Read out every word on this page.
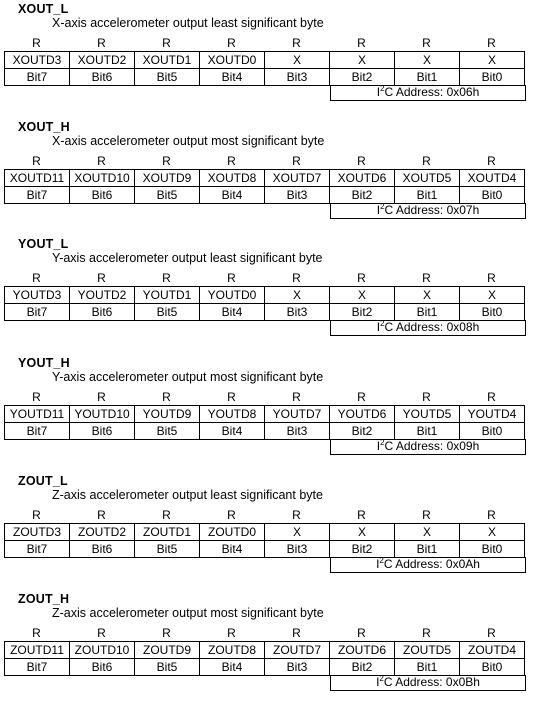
XOUT_L
X-axis accelerometer output least significant byte
R	R	R	R	R	R	R	R
XOUTD3	XOUTD2	XOUTD1	XOUTD0	X	X	X	X
Bit7	Bit6	Bit5	Bit4	Bit3	Bit2	Bit1	Bit0
$I^2C$ Address: 0x06h
XOUT_H
X-axis accelerometer output most significant byte
R	R	R	R	R	R	R	R
XOUTD11	XOUTD10	XOUTD9	XOUTD8	XOUTD7	XOUTD6	XOUTD5	XOUTD4
Bit7	Bit6	Bit5	Bit4	Bit3	Bit2	Bit1	Bit0
$I^2C$ Address: 0x07h
YOUT_L
Y-axis accelerometer output least significant byte
R	R	R	R	R	R	R	R
YOUTD3	YOUTD2	YOUTD1	YOUTD0	X	X	X	X
Bit7	Bit6	Bit5	Bit4	Bit3	Bit2	Bit1	Bit0
$I^2C$ Address: 0x08h
YOUT_H
Y-axis accelerometer output most significant byte
R	R	R	R	R	R	R	R
YOUTD11	YOUTD10	YOUTD9	YOUTD8	YOUTD7	YOUTD6	YOUTD5	YOUTD4
Bit7	Bit6	Bit5	Bit4	Bit3	Bit2	Bit1	Bit0
$I^2C$ Address: 0x09h
ZOUT_L
Z-axis accelerometer output least significant byte
R	R	R	R	R	R	R	R
ZOUTD3	ZOUTD2	ZOUTD1	ZOUTD0	X	X	X	X
Bit7	Bit6	Bit5	Bit4	Bit3	Bit2	Bit1	Bit0
$I^2C$ Address: 0x0Ah
ZOUT_H
Z-axis accelerometer output most significant byte
R	R	R	R	R	R	R	R
ZOUTD11	ZOUTD10	ZOUTD9	ZOUTD8	ZOUTD7	ZOUTD6	ZOUTD5	ZOUTD4
Bit7	Bit6	Bit5	Bit4	Bit3	Bit2	Bit1	Bit0
$I^2C$ Address: 0x0Bh
